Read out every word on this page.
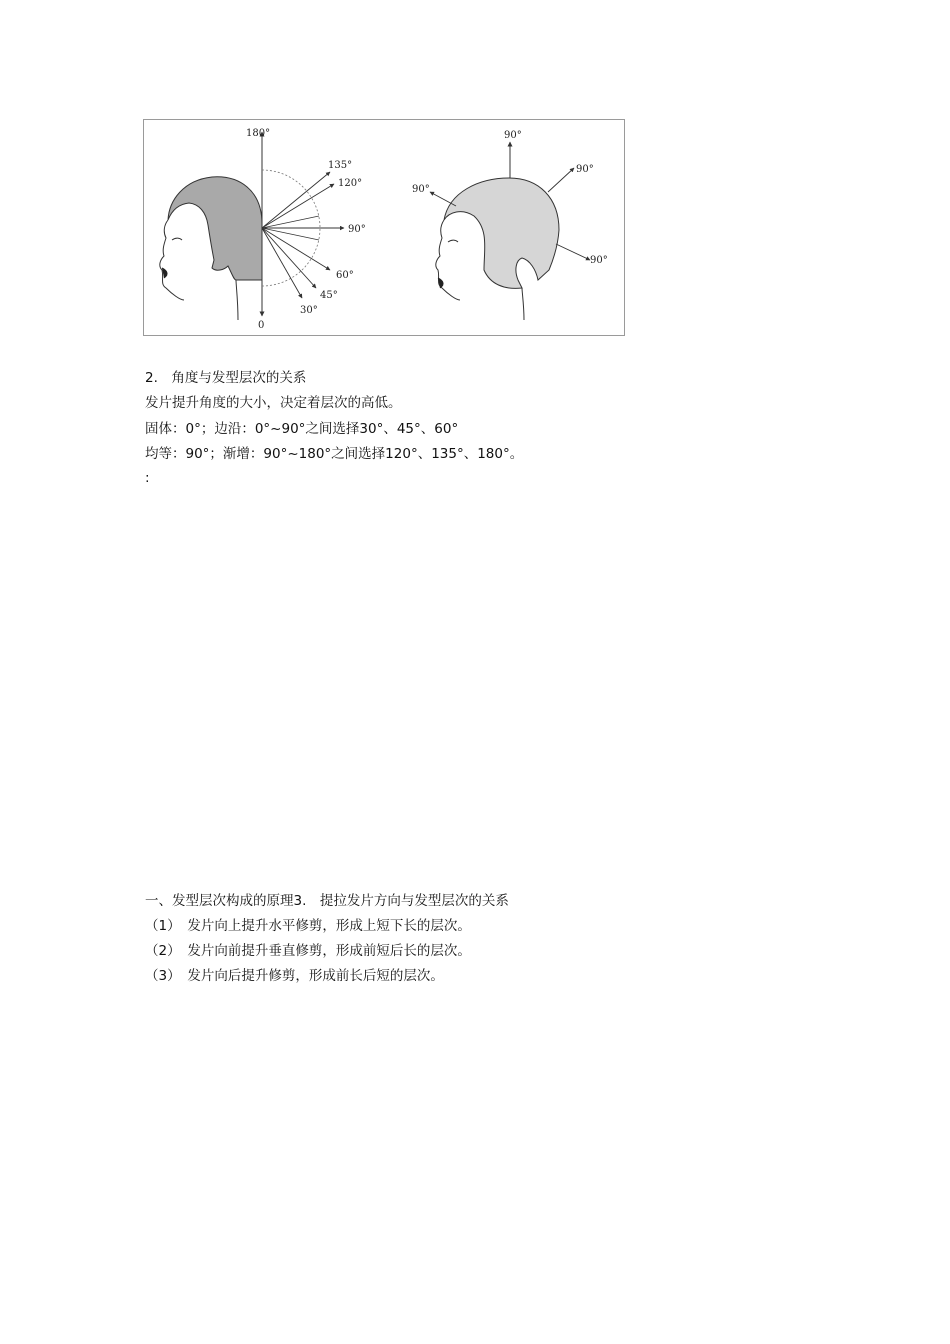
180°
135°
120°
90°
60°
45°
30°
0
90°
90°
90°
90°
2.　角度与发型层次的关系
发片提升角度的大小，决定着层次的高低。
固体：0°；边沿：0°~90°之间选择30°、45°、60°
均等：90°；渐增：90°~180°之间选择120°、135°、180°。
:
一、发型层次构成的原理3.　提拉发片方向与发型层次的关系
（1）　发片向上提升水平修剪，形成上短下长的层次。
（2）　发片向前提升垂直修剪，形成前短后长的层次。
（3）　发片向后提升修剪，形成前长后短的层次。
